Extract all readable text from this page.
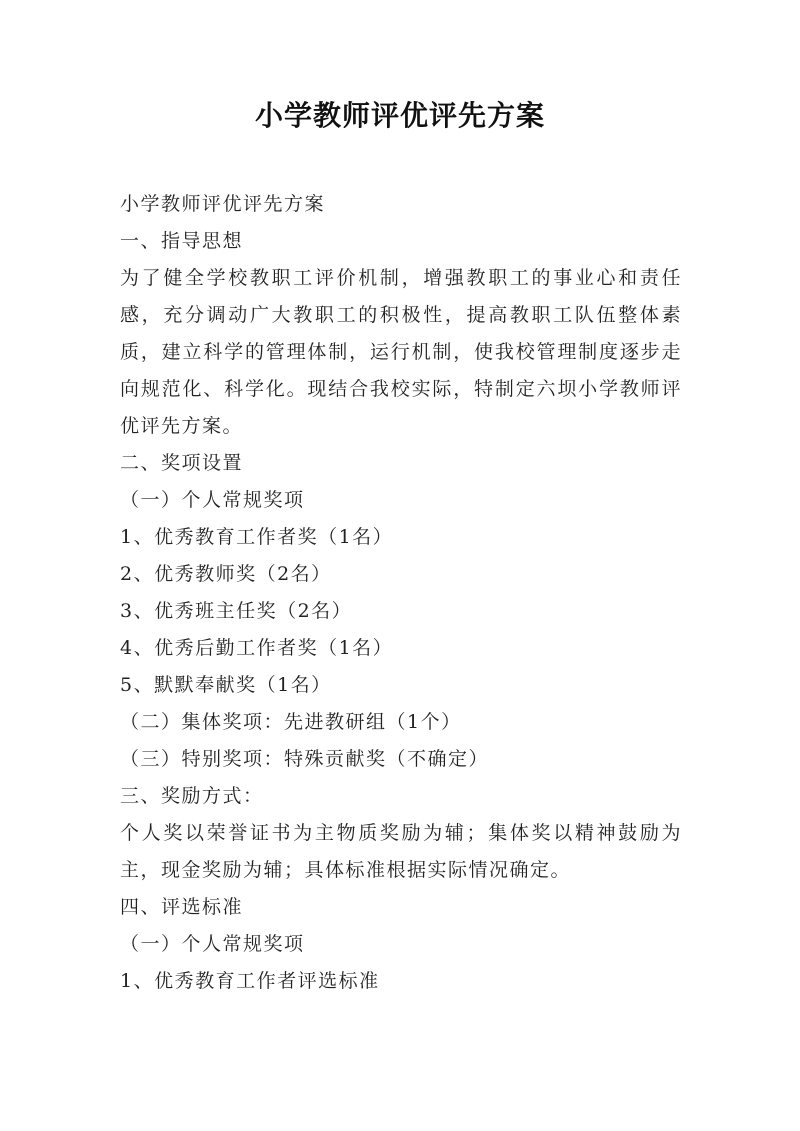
小学教师评优评先方案

小学教师评优评先方案

一、指导思想

为了健全学校教职工评价机制，增强教职工的事业心和责任感，充分调动广大教职工的积极性，提高教职工队伍整体素质，建立科学的管理体制，运行机制，使我校管理制度逐步走向规范化、科学化。现结合我校实际，特制定六坝小学教师评优评先方案。

二、奖项设置

（一）个人常规奖项

1、优秀教育工作者奖（1名）

2、优秀教师奖（2名）

3、优秀班主任奖（2名）

4、优秀后勤工作者奖（1名）

5、默默奉献奖（1名）

（二）集体奖项：先进教研组（1个）

（三）特别奖项：特殊贡献奖（不确定）

三、奖励方式：

个人奖以荣誉证书为主物质奖励为辅；集体奖以精神鼓励为主，现金奖励为辅；具体标准根据实际情况确定。

四、评选标准

（一）个人常规奖项

1、优秀教育工作者评选标准
